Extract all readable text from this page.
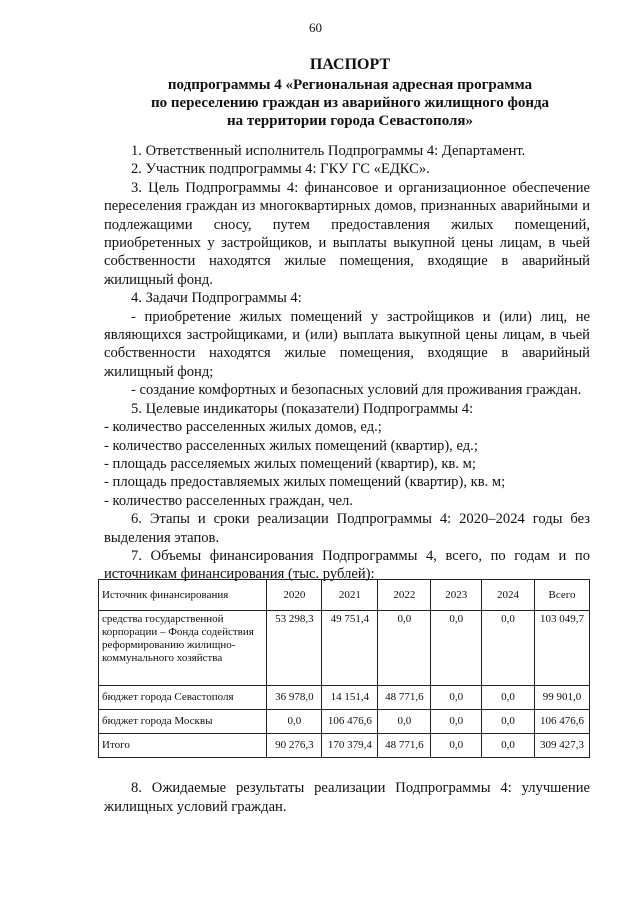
60
ПАСПОРТ
подпрограммы 4 «Региональная адресная программа
по переселению граждан из аварийного жилищного фонда
на территории города Севастополя»

1. Ответственный исполнитель Подпрограммы 4: Департамент.

2. Участник подпрограммы 4: ГКУ ГС «ЕДКС».

3. Цель Подпрограммы 4: финансовое и организационное обеспечение переселения граждан из многоквартирных домов, признанных аварийными и подлежащими сносу, путем предоставления жилых помещений, приобретенных у застройщиков, и выплаты выкупной цены лицам, в чьей собственности находятся жилые помещения, входящие в аварийный жилищный фонд.

4. Задачи Подпрограммы 4:

- приобретение жилых помещений у застройщиков и (или) лиц, не являющихся застройщиками, и (или) выплата выкупной цены лицам, в чьей собственности находятся жилые помещения, входящие в аварийный жилищный фонд;

- создание комфортных и безопасных условий для проживания граждан.

5. Целевые индикаторы (показатели) Подпрограммы 4:

- количество расселенных жилых домов, ед.;

- количество расселенных жилых помещений (квартир), ед.;

- площадь расселяемых жилых помещений (квартир), кв. м;

- площадь предоставляемых жилых помещений (квартир), кв. м;

- количество расселенных граждан, чел.

6. Этапы и сроки реализации Подпрограммы 4: 2020–2024 годы без выделения этапов.

7. Объемы финансирования Подпрограммы 4, всего, по годам и по источникам финансирования (тыс. рублей):

Источник финансирования	2020	2021	2022	2023	2024	Всего
средства государственной корпорации – Фонда содействия реформированию жилищно-коммунального хозяйства	53 298,3	49 751,4	0,0	0,0	0,0	103 049,7
бюджет города Севастополя	36 978,0	14 151,4	48 771,6	0,0	0,0	99 901,0
бюджет города Москвы	0,0	106 476,6	0,0	0,0	0,0	106 476,6
Итого	90 276,3	170 379,4	48 771,6	0,0	0,0	309 427,3
8. Ожидаемые результаты реализации Подпрограммы 4: улучшение жилищных условий граждан.
